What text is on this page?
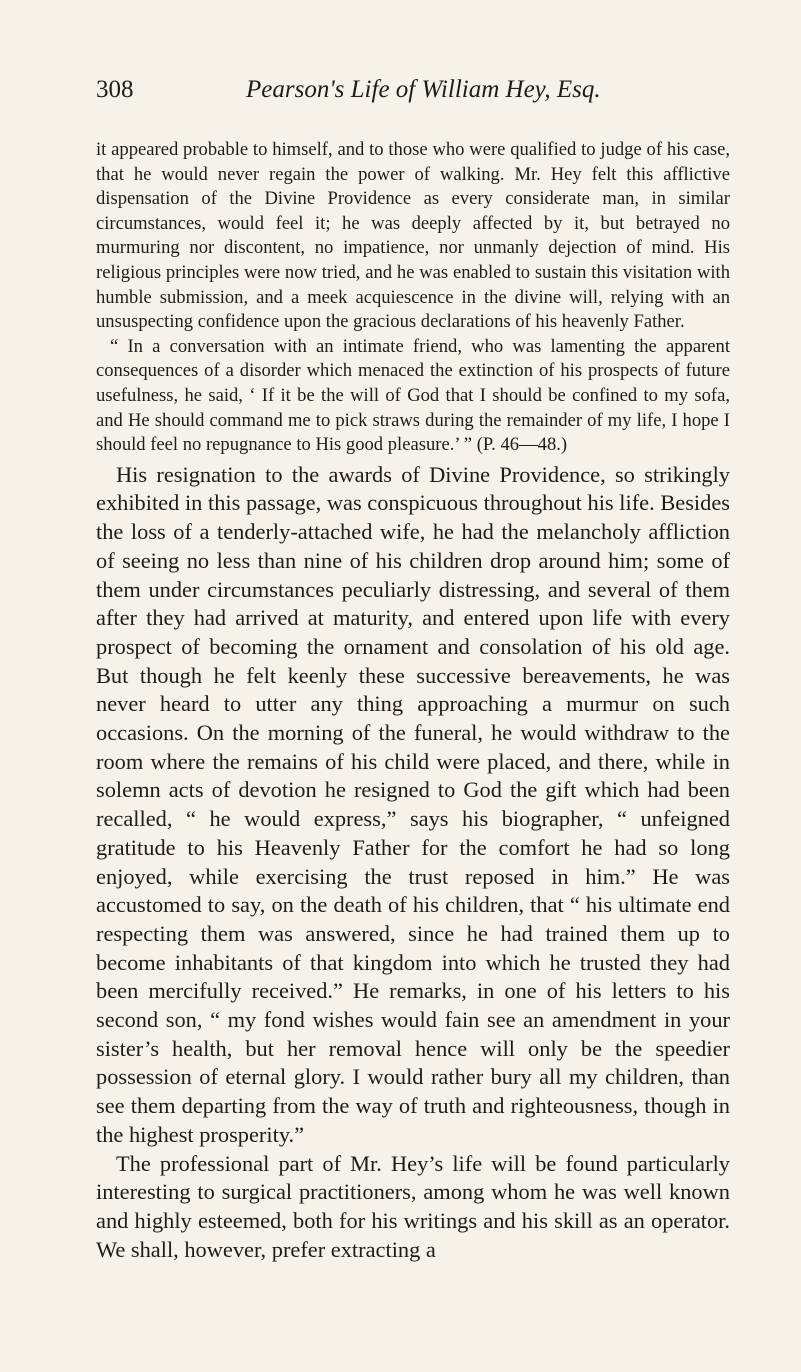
308	Pearson's Life of William Hey, Esq.

it appeared probable to himself, and to those who were qualified to judge of his case, that he would never regain the power of walking. Mr. Hey felt this afflictive dispensation of the Divine Providence as every considerate man, in similar circumstances, would feel it; he was deeply affected by it, but betrayed no murmuring nor discontent, no impatience, nor unmanly dejection of mind. His religious principles were now tried, and he was enabled to sustain this visitation with humble submission, and a meek acquiescence in the divine will, relying with an unsuspecting confidence upon the gracious declarations of his heavenly Father.

“ In a conversation with an intimate friend, who was lamenting the apparent consequences of a disorder which menaced the extinction of his prospects of future usefulness, he said, ‘ If it be the will of God that I should be confined to my sofa, and He should command me to pick straws during the remainder of my life, I hope I should feel no repugnance to His good pleasure.’ ” (P. 46—48.)

His resignation to the awards of Divine Providence, so strikingly exhibited in this passage, was conspicuous throughout his life. Besides the loss of a tenderly-attached wife, he had the melancholy affliction of seeing no less than nine of his children drop around him; some of them under circumstances peculiarly distressing, and several of them after they had arrived at maturity, and entered upon life with every prospect of becoming the ornament and consolation of his old age. But though he felt keenly these successive bereavements, he was never heard to utter any thing approaching a murmur on such occasions. On the morning of the funeral, he would withdraw to the room where the remains of his child were placed, and there, while in solemn acts of devotion he resigned to God the gift which had been recalled, “ he would express,” says his biographer, “ unfeigned gratitude to his Heavenly Father for the comfort he had so long enjoyed, while exercising the trust reposed in him.” He was accustomed to say, on the death of his children, that “ his ultimate end respecting them was answered, since he had trained them up to become inhabitants of that kingdom into which he trusted they had been mercifully received.” He remarks, in one of his letters to his second son, “ my fond wishes would fain see an amendment in your sister’s health, but her removal hence will only be the speedier possession of eternal glory. I would rather bury all my children, than see them departing from the way of truth and righteousness, though in the highest prosperity.”

The professional part of Mr. Hey’s life will be found particularly interesting to surgical practitioners, among whom he was well known and highly esteemed, both for his writings and his skill as an operator. We shall, however, prefer extracting a
